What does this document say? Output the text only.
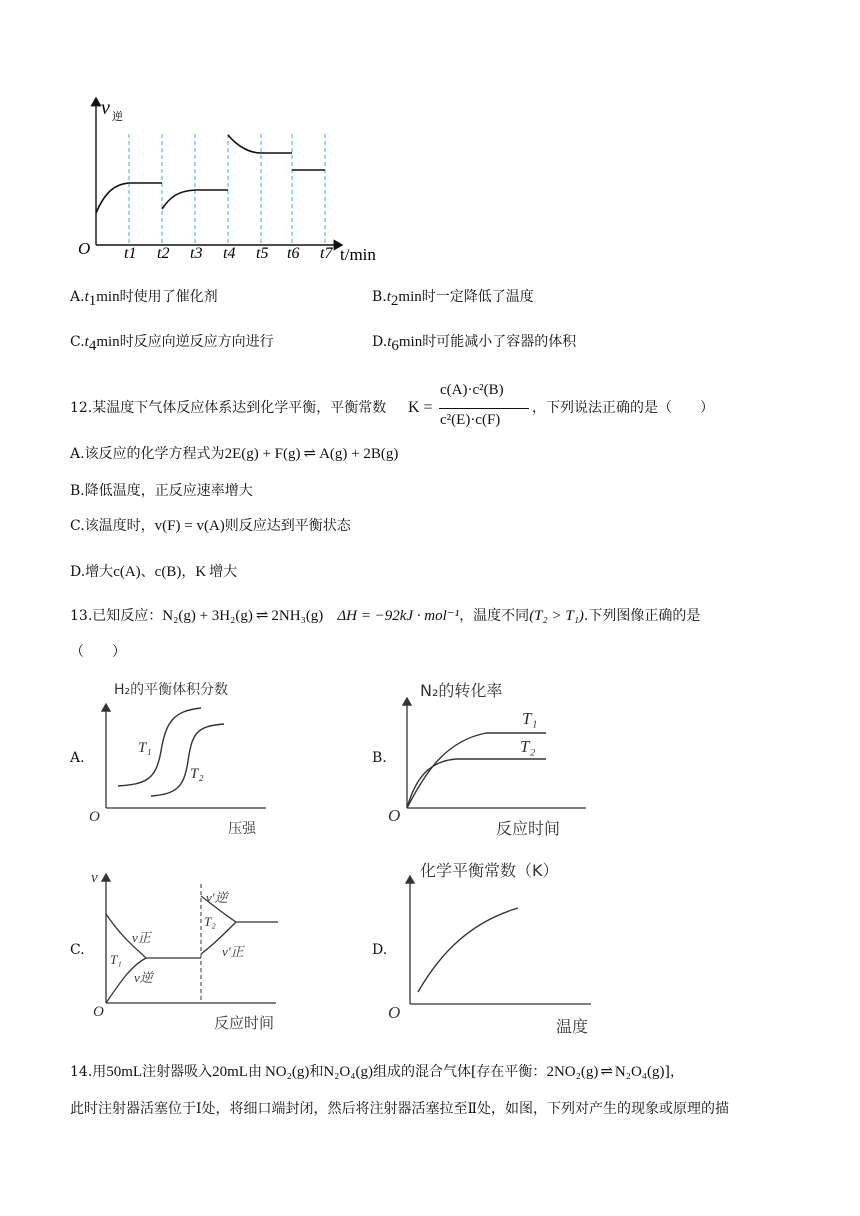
v 逆
O t1 t2 t3 t4 t5 t6 t7 t/min
$A.t_1\min$时使用了催化剂	$B.t_2\min$时一定降低了温度
$C.t_4\min$时反应向逆反应方向进行	$D.t_6\min$时可能减小了容器的体积
12.某温度下气体反应体系达到化学平衡，平衡常数 K =
c(A)·c²(B)
c²(E)·c(F)
，下列说法正确的是（　　）
A.该反应的化学方程式为2E(g) + F(g) ⇌ A(g) + 2B(g)
B.降低温度，正反应速率增大
C.该温度时，v(F) = v(A)则反应达到平衡状态
D.增大c(A)、c(B)，K 增大
13.已知反应：N₂(g) + 3H₂(g) ⇌ 2NH₃(g) ΔH = −92kJ · mol⁻¹，温度不同(T₂ > T₁).下列图像正确的是
（　　）
A.	B.
C.	D.
H₂的平衡体积分数
O
压强
T₁
T₂
N₂的转化率
O
反应时间
T₁
T₂
v
O
反应时间
v正
T₁
v逆
v′逆
T₂
v′正
化学平衡常数（K）
O
温度
14.用50mL注射器吸入20mL由 NO₂(g)和N₂O₄(g)组成的混合气体[存在平衡：2NO₂(g) ⇌ N₂O₄(g)]，
此时注射器活塞位于Ⅰ处，将细口端封闭，然后将注射器活塞拉至Ⅱ处，如图，下列对产生的现象或原理的描
